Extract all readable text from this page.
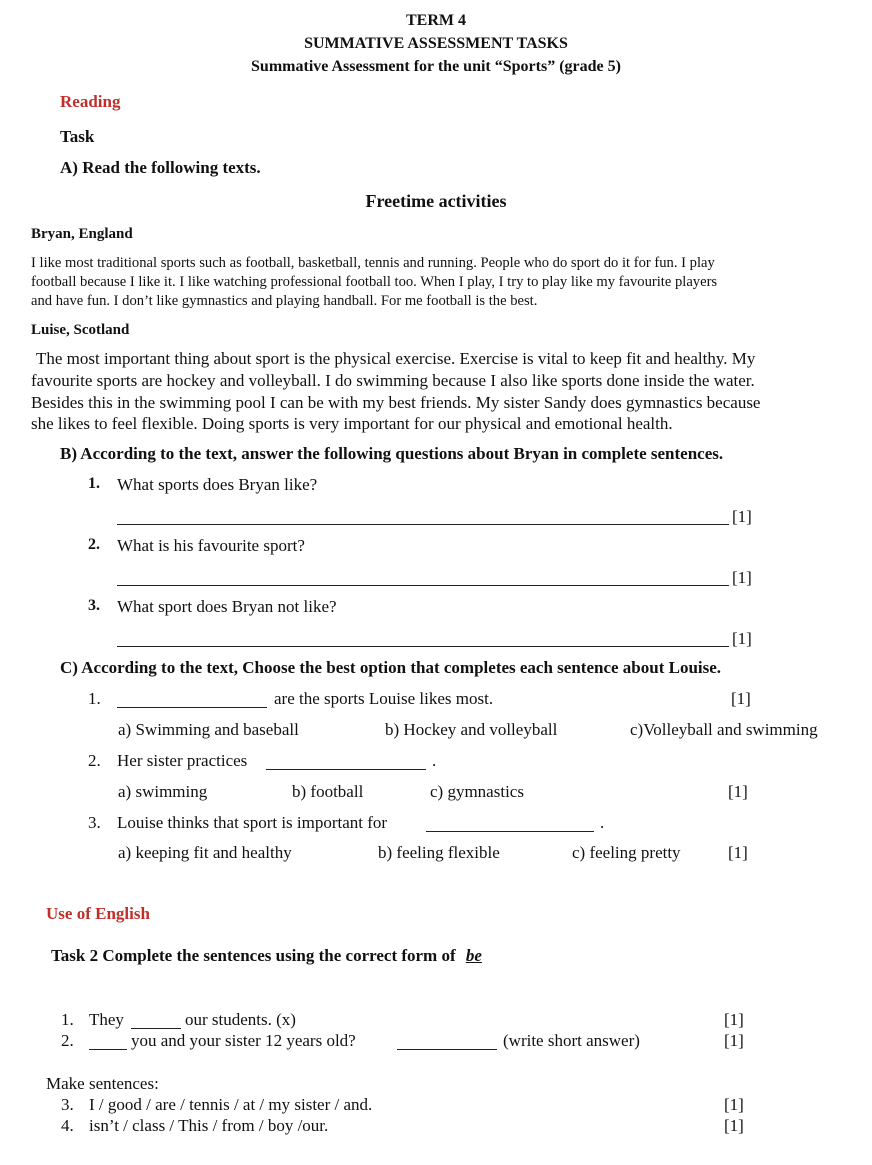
TERM 4
SUMMATIVE ASSESSMENT TASKS
Summative Assessment for the unit “Sports” (grade 5)
Reading
Task
A) Read the following texts.
Freetime activities
Bryan, England
I like most traditional sports such as football, basketball, tennis and running. People who do sport do it for fun. I play
football because I like it. I like watching professional football too. When I play, I try to play like my favourite players
and have fun. I don’t like gymnastics and playing handball. For me football is the best.
Luise, Scotland
The most important thing about sport is the physical exercise. Exercise is vital to keep fit and healthy. My
favourite sports are hockey and volleyball. I do swimming because I also like sports done inside the water.
Besides this in the swimming pool I can be with my best friends. My sister Sandy does gymnastics because
she likes to feel flexible. Doing sports is very important for our physical and emotional health.
B) According to the text, answer the following questions about Bryan in complete sentences.
1. What sports does Bryan like?
[1]
2. What is his favourite sport?
[1]
3. What sport does Bryan not like?
[1]
C) According to the text, Choose the best option that completes each sentence about Louise.
1.	are the sports Louise likes most.	[1]
a) Swimming and baseball	b) Hockey and volleyball	c)Volleyball and swimming
2. Her sister practices	.
a) swimming	b) football	c) gymnastics	[1]
3. Louise thinks that sport is important for	.
a) keeping fit and healthy	b) feeling flexible	c) feeling pretty	[1]
Use of English
Task 2 Complete the sentences using the correct form of be
1. They	our students. (x)	[1]
2.	you and your sister 12 years old?	(write short answer)	[1]
Make sentences:
3. I / good / are / tennis / at / my sister / and.	[1]
4. isn’t / class / This / from / boy /our.	[1]
